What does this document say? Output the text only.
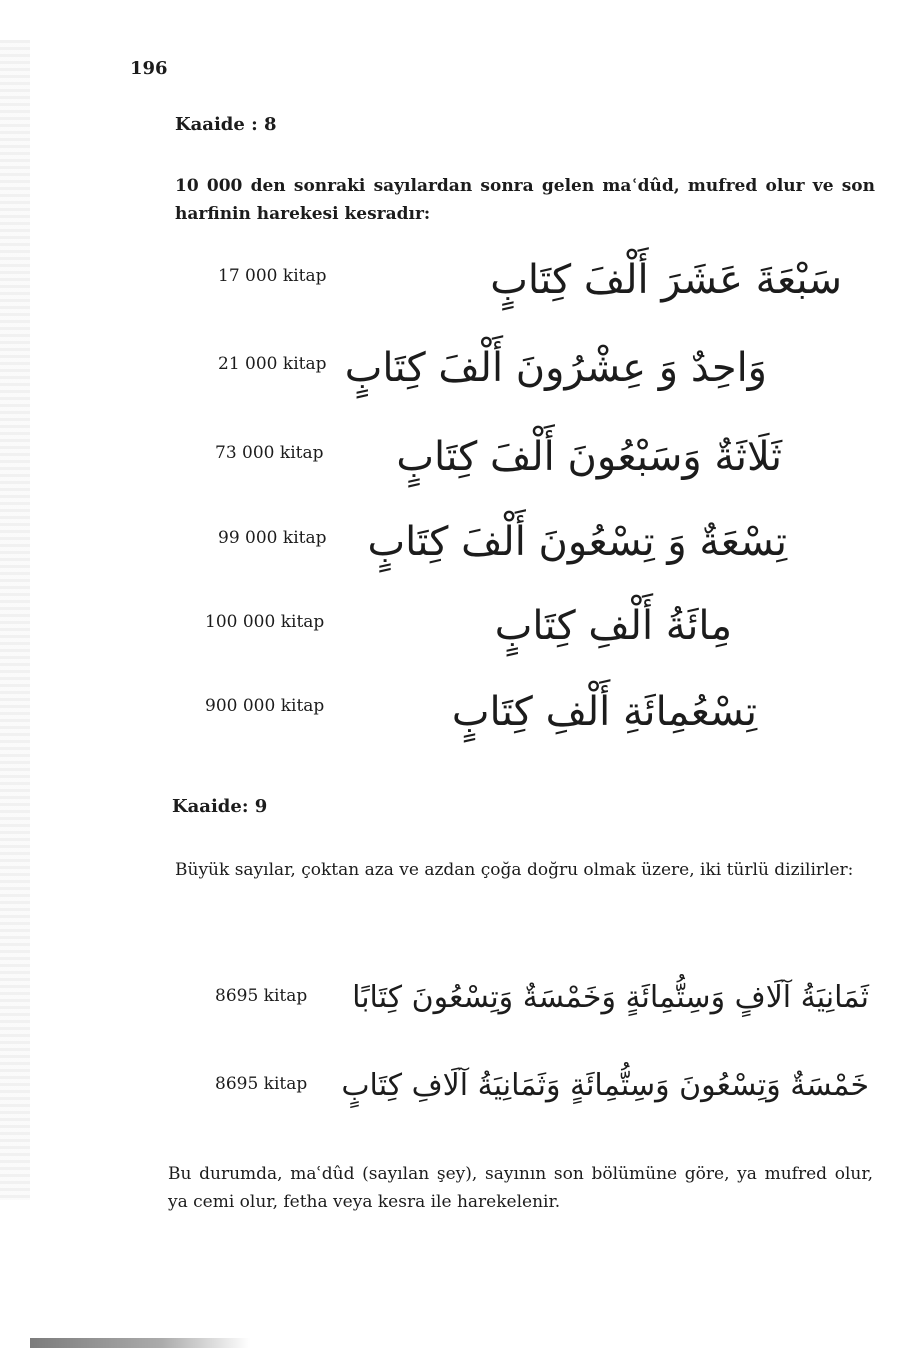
196
Kaaide : 8
10 000 den sonraki sayılardan sonra gelen maʿdûd, mufred olur ve son harfinin harekesi kesradır:
17 000 kitap	سَبْعَةَ عَشَرَ أَلْفَ كِتَابٍ
21 000 kitap وَاحِدٌ وَ عِشْرُونَ أَلْفَ كِتَابٍ
73 000 kitap ثَلَاثَةٌ وَسَبْعُونَ أَلْفَ كِتَابٍ
99 000 kitap تِسْعَةٌ وَ تِسْعُونَ أَلْفَ كِتَابٍ
100 000 kitap	مِائَةُ أَلْفِ كِتَابٍ
900 000 kitap	تِسْعُمِائَةِ أَلْفِ كِتَابٍ
Kaaide: 9
Büyük sayılar, çoktan aza ve azdan çoğa doğru olmak üzere, iki türlü dizilirler:
8695 kitap ثَمَانِيَةُ آلَافٍ وَسِتُّمِائَةٍ وَخَمْسَةٌ وَتِسْعُونَ كِتَابًا
8695 kitap خَمْسَةٌ وَتِسْعُونَ وَسِتُّمِائَةٍ وَثَمَانِيَةُ آلَافِ كِتَابٍ
Bu durumda, maʿdûd (sayılan şey), sayının son bölümüne göre, ya mufred olur, ya cemi olur, fetha veya kesra ile harekelenir.
